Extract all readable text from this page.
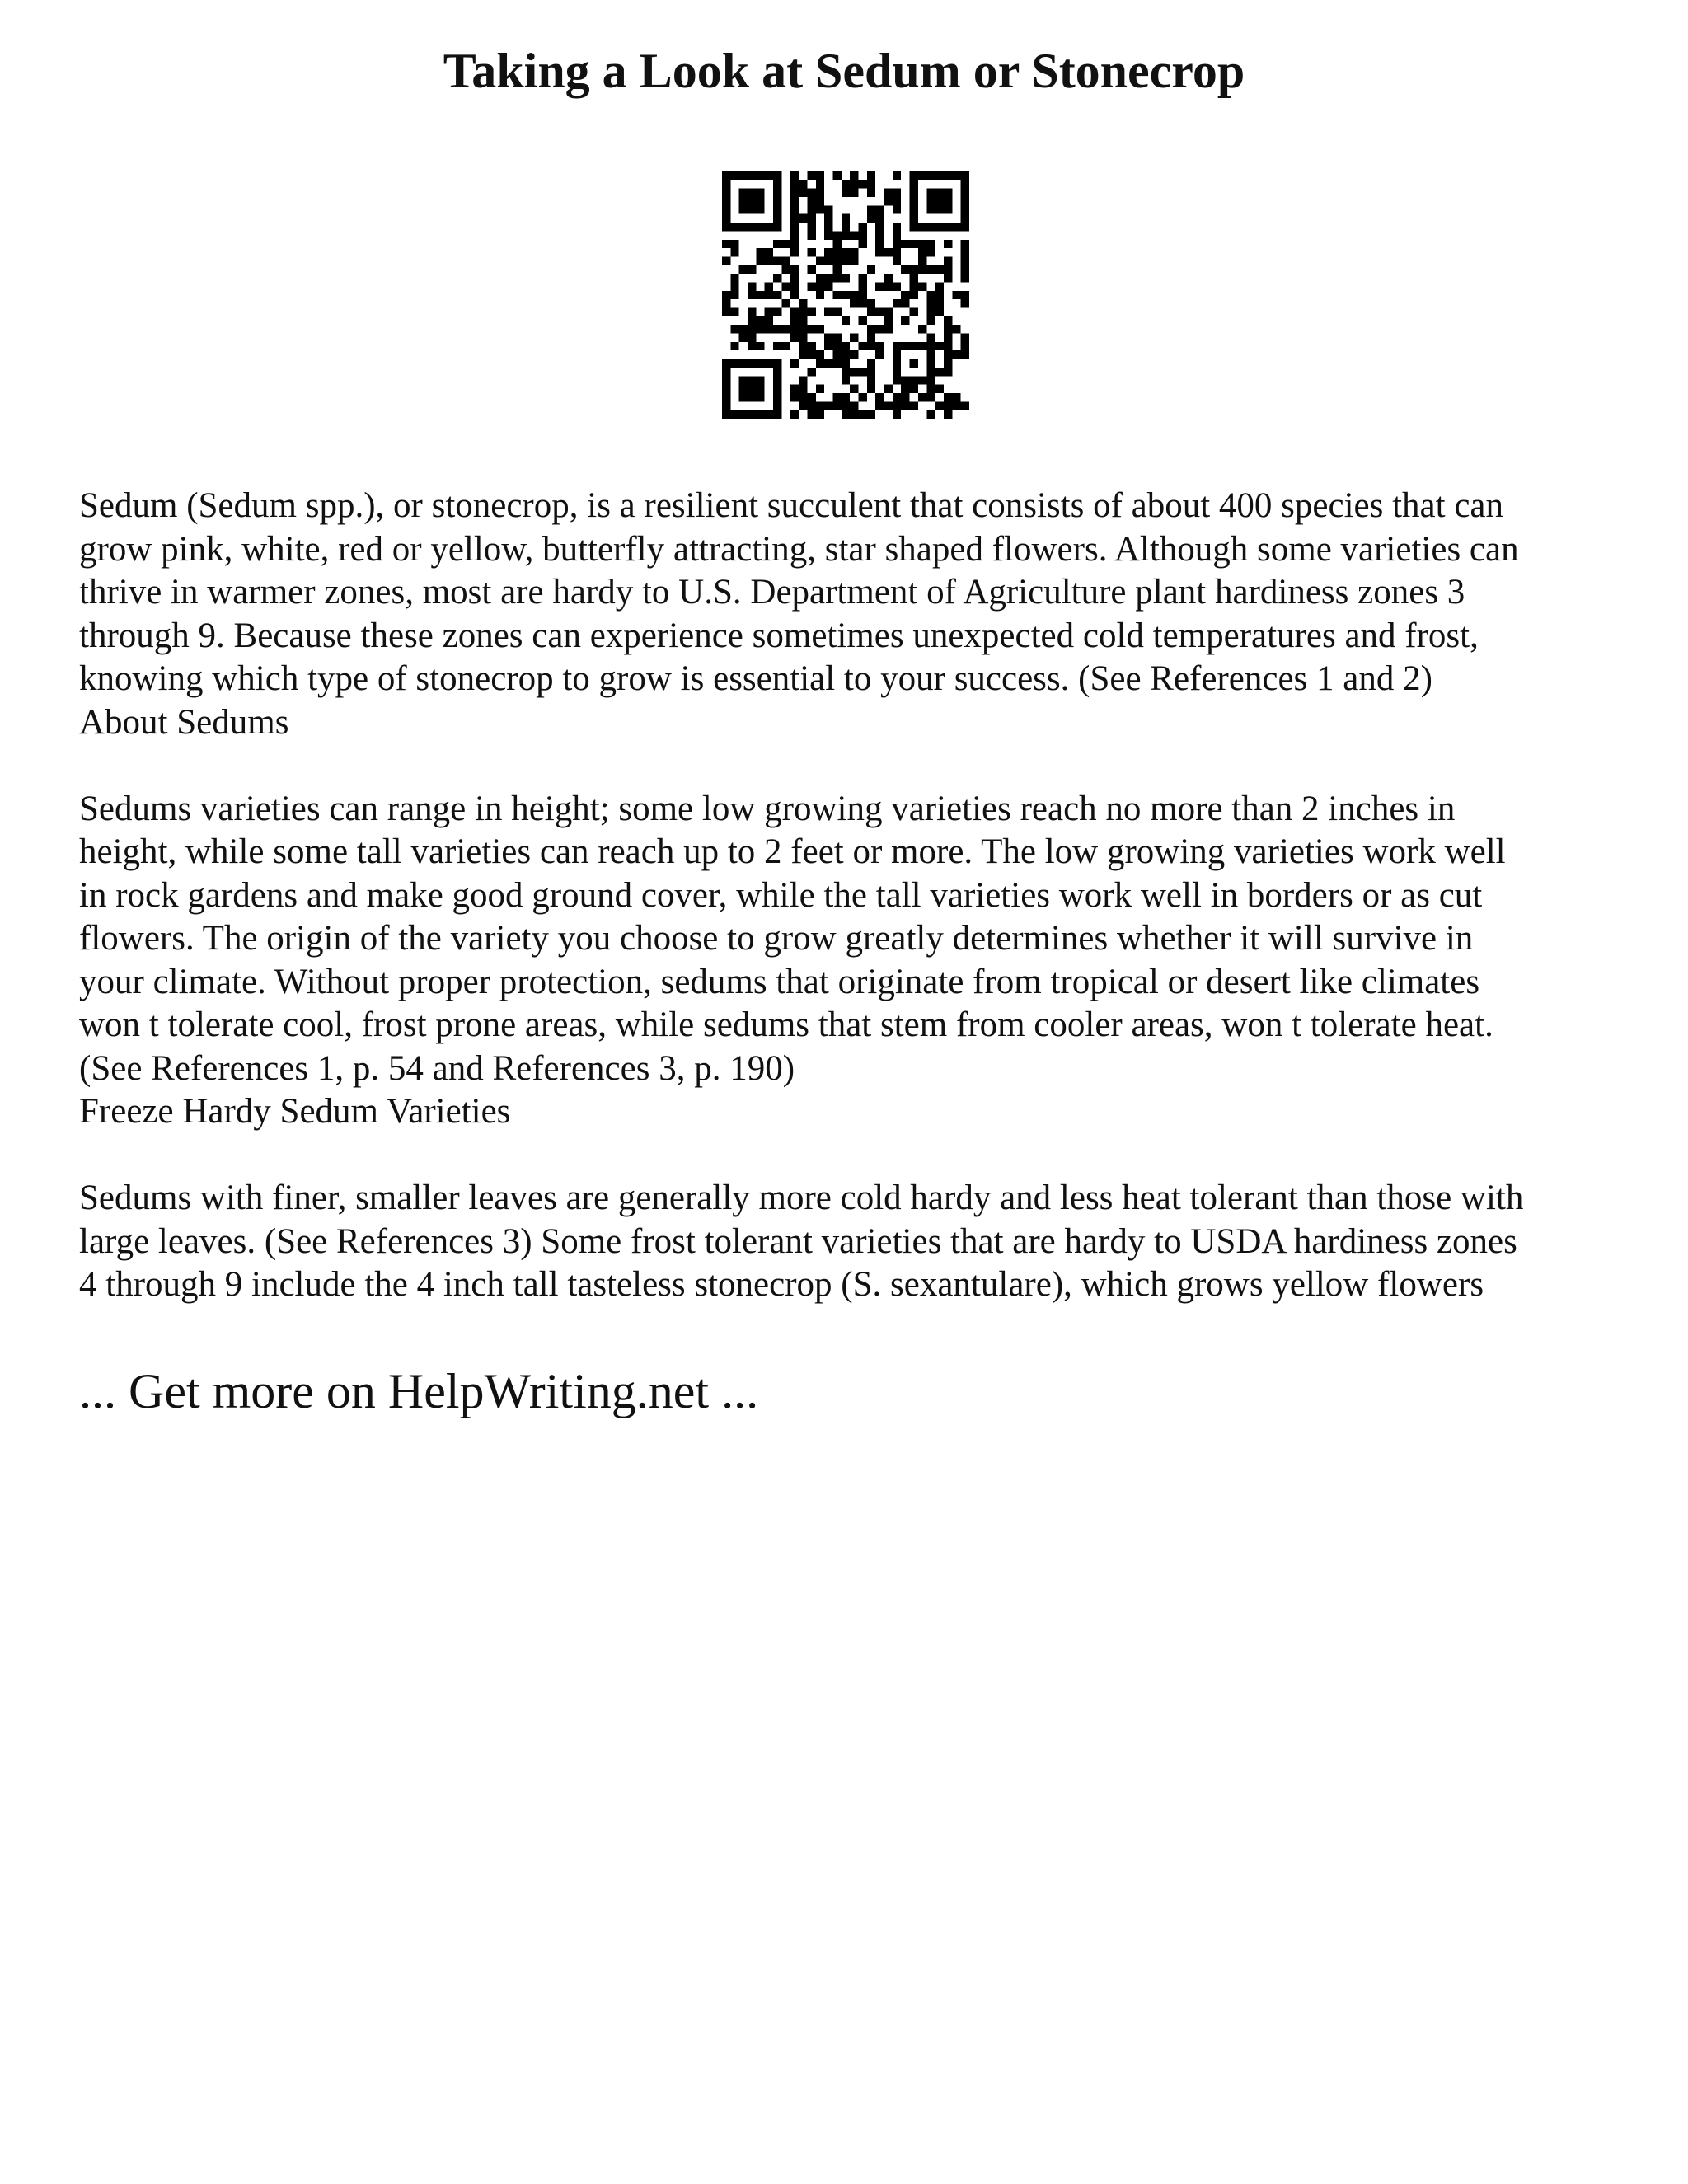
Taking a Look at Sedum or Stonecrop
Sedum (Sedum spp.), or stonecrop, is a resilient succulent that consists of about 400 species that can
grow pink, white, red or yellow, butterfly attracting, star shaped flowers. Although some varieties can
thrive in warmer zones, most are hardy to U.S. Department of Agriculture plant hardiness zones 3
through 9. Because these zones can experience sometimes unexpected cold temperatures and frost,
knowing which type of stonecrop to grow is essential to your success. (See References 1 and 2)
About Sedums
Sedums varieties can range in height; some low growing varieties reach no more than 2 inches in
height, while some tall varieties can reach up to 2 feet or more. The low growing varieties work well
in rock gardens and make good ground cover, while the tall varieties work well in borders or as cut
flowers. The origin of the variety you choose to grow greatly determines whether it will survive in
your climate. Without proper protection, sedums that originate from tropical or desert like climates
won t tolerate cool, frost prone areas, while sedums that stem from cooler areas, won t tolerate heat.
(See References 1, p. 54 and References 3, p. 190)
Freeze Hardy Sedum Varieties
Sedums with finer, smaller leaves are generally more cold hardy and less heat tolerant than those with
large leaves. (See References 3) Some frost tolerant varieties that are hardy to USDA hardiness zones
4 through 9 include the 4 inch tall tasteless stonecrop (S. sexantulare), which grows yellow flowers
... Get more on HelpWriting.net ...
